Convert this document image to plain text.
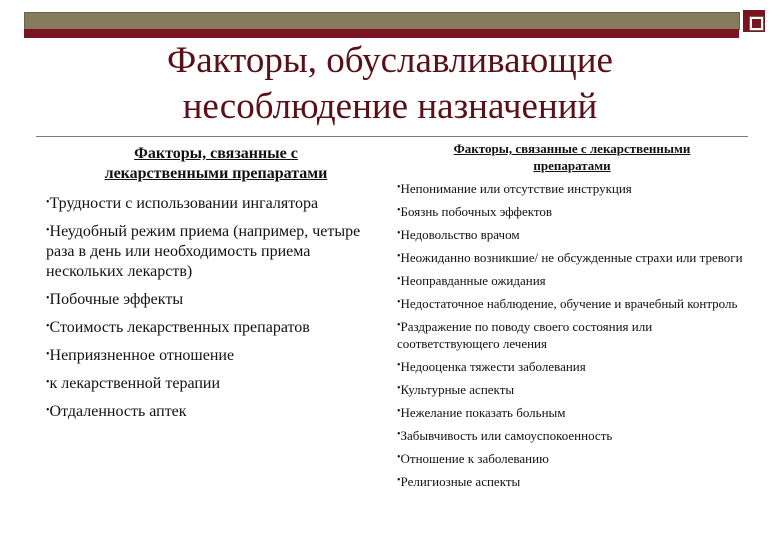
Факторы, обуславливающие
несоблюдение назначений
Факторы, связанные с
лекарственными препаратами
•Трудности с использовании ингалятора
•Неудобный режим приема (например, четыре раза в день или необходимость приема нескольких лекарств)
•Побочные эффекты
•Стоимость лекарственных препаратов
•Неприязненное отношение
•к лекарственной терапии
•Отдаленность аптек
Факторы, связанные с лекарственными
препаратами
•Непонимание или отсутствие инструкция
•Боязнь побочных эффектов
•Недовольство врачом
•Неожиданно возникшие/ не обсужденные страхи или тревоги
•Неоправданные ожидания
•Недостаточное наблюдение, обучение и врачебный контроль
•Раздражение по поводу своего состояния или соответствующего лечения
•Недооценка тяжести заболевания
•Культурные аспекты
•Нежелание показать больным
•Забывчивость или самоуспокоенность
•Отношение к заболеванию
•Религиозные аспекты
